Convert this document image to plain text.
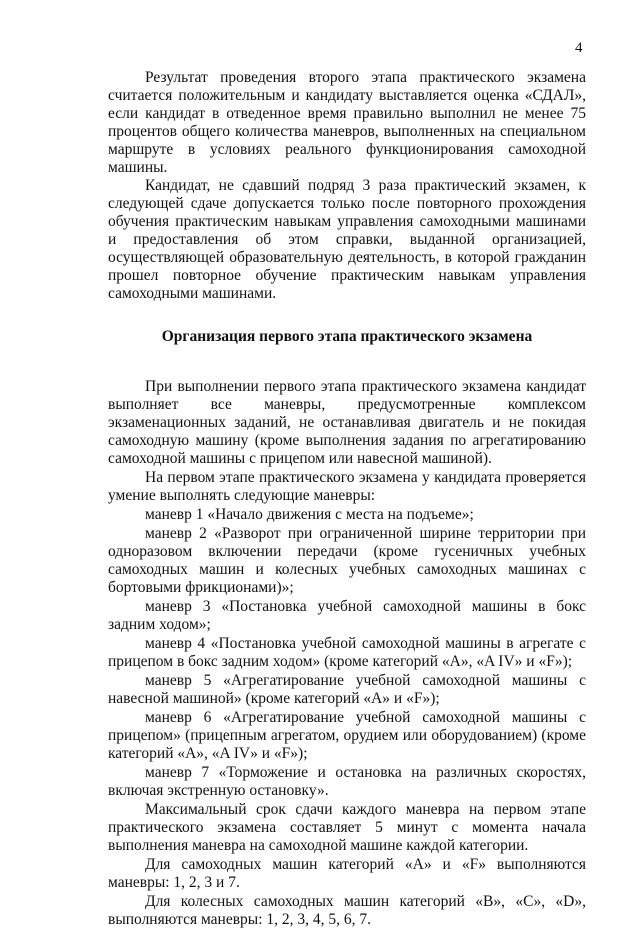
4

Результат проведения второго этапа практического экзамена считается положительным и кандидату выставляется оценка «СДАЛ», если кандидат в отведенное время правильно выполнил не менее 75 процентов общего количества маневров, выполненных на специальном маршруте в условиях реального функционирования самоходной машины.

Кандидат, не сдавший подряд 3 раза практический экзамен, к следующей сдаче допускается только после повторного прохождения обучения практическим навыкам управления самоходными машинами и предоставления об этом справки, выданной организацией, осуществляющей образовательную деятельность, в которой гражданин прошел повторное обучение практическим навыкам управления самоходными машинами.

Организация первого этапа практического экзамена

При выполнении первого этапа практического экзамена кандидат выполняет все маневры, предусмотренные комплексом экзаменационных заданий, не останавливая двигатель и не покидая самоходную машину (кроме выполнения задания по агрегатированию самоходной машины с прицепом или навесной машиной).

На первом этапе практического экзамена у кандидата проверяется умение выполнять следующие маневры:

маневр 1 «Начало движения с места на подъеме»;

маневр 2 «Разворот при ограниченной ширине территории при одноразовом включении передачи (кроме гусеничных учебных самоходных машин и колесных учебных самоходных машинах с бортовыми фрикционами)»;

маневр 3 «Постановка учебной самоходной машины в бокс задним ходом»;

маневр 4 «Постановка учебной самоходной машины в агрегате с прицепом в бокс задним ходом» (кроме категорий «A», «A IV» и «F»);

маневр 5 «Агрегатирование учебной самоходной машины с навесной машиной» (кроме категорий «A» и «F»);

маневр 6 «Агрегатирование учебной самоходной машины с прицепом» (прицепным агрегатом, орудием или оборудованием) (кроме категорий «A», «A IV» и «F»);

маневр 7 «Торможение и остановка на различных скоростях, включая экстренную остановку».

Максимальный срок сдачи каждого маневра на первом этапе практического экзамена составляет 5 минут с момента начала выполнения маневра на самоходной машине каждой категории.

Для самоходных машин категорий «A» и «F» выполняются маневры: 1, 2, 3 и 7.

Для колесных самоходных машин категорий «B», «C», «D», выполняются маневры: 1, 2, 3, 4, 5, 6, 7.
